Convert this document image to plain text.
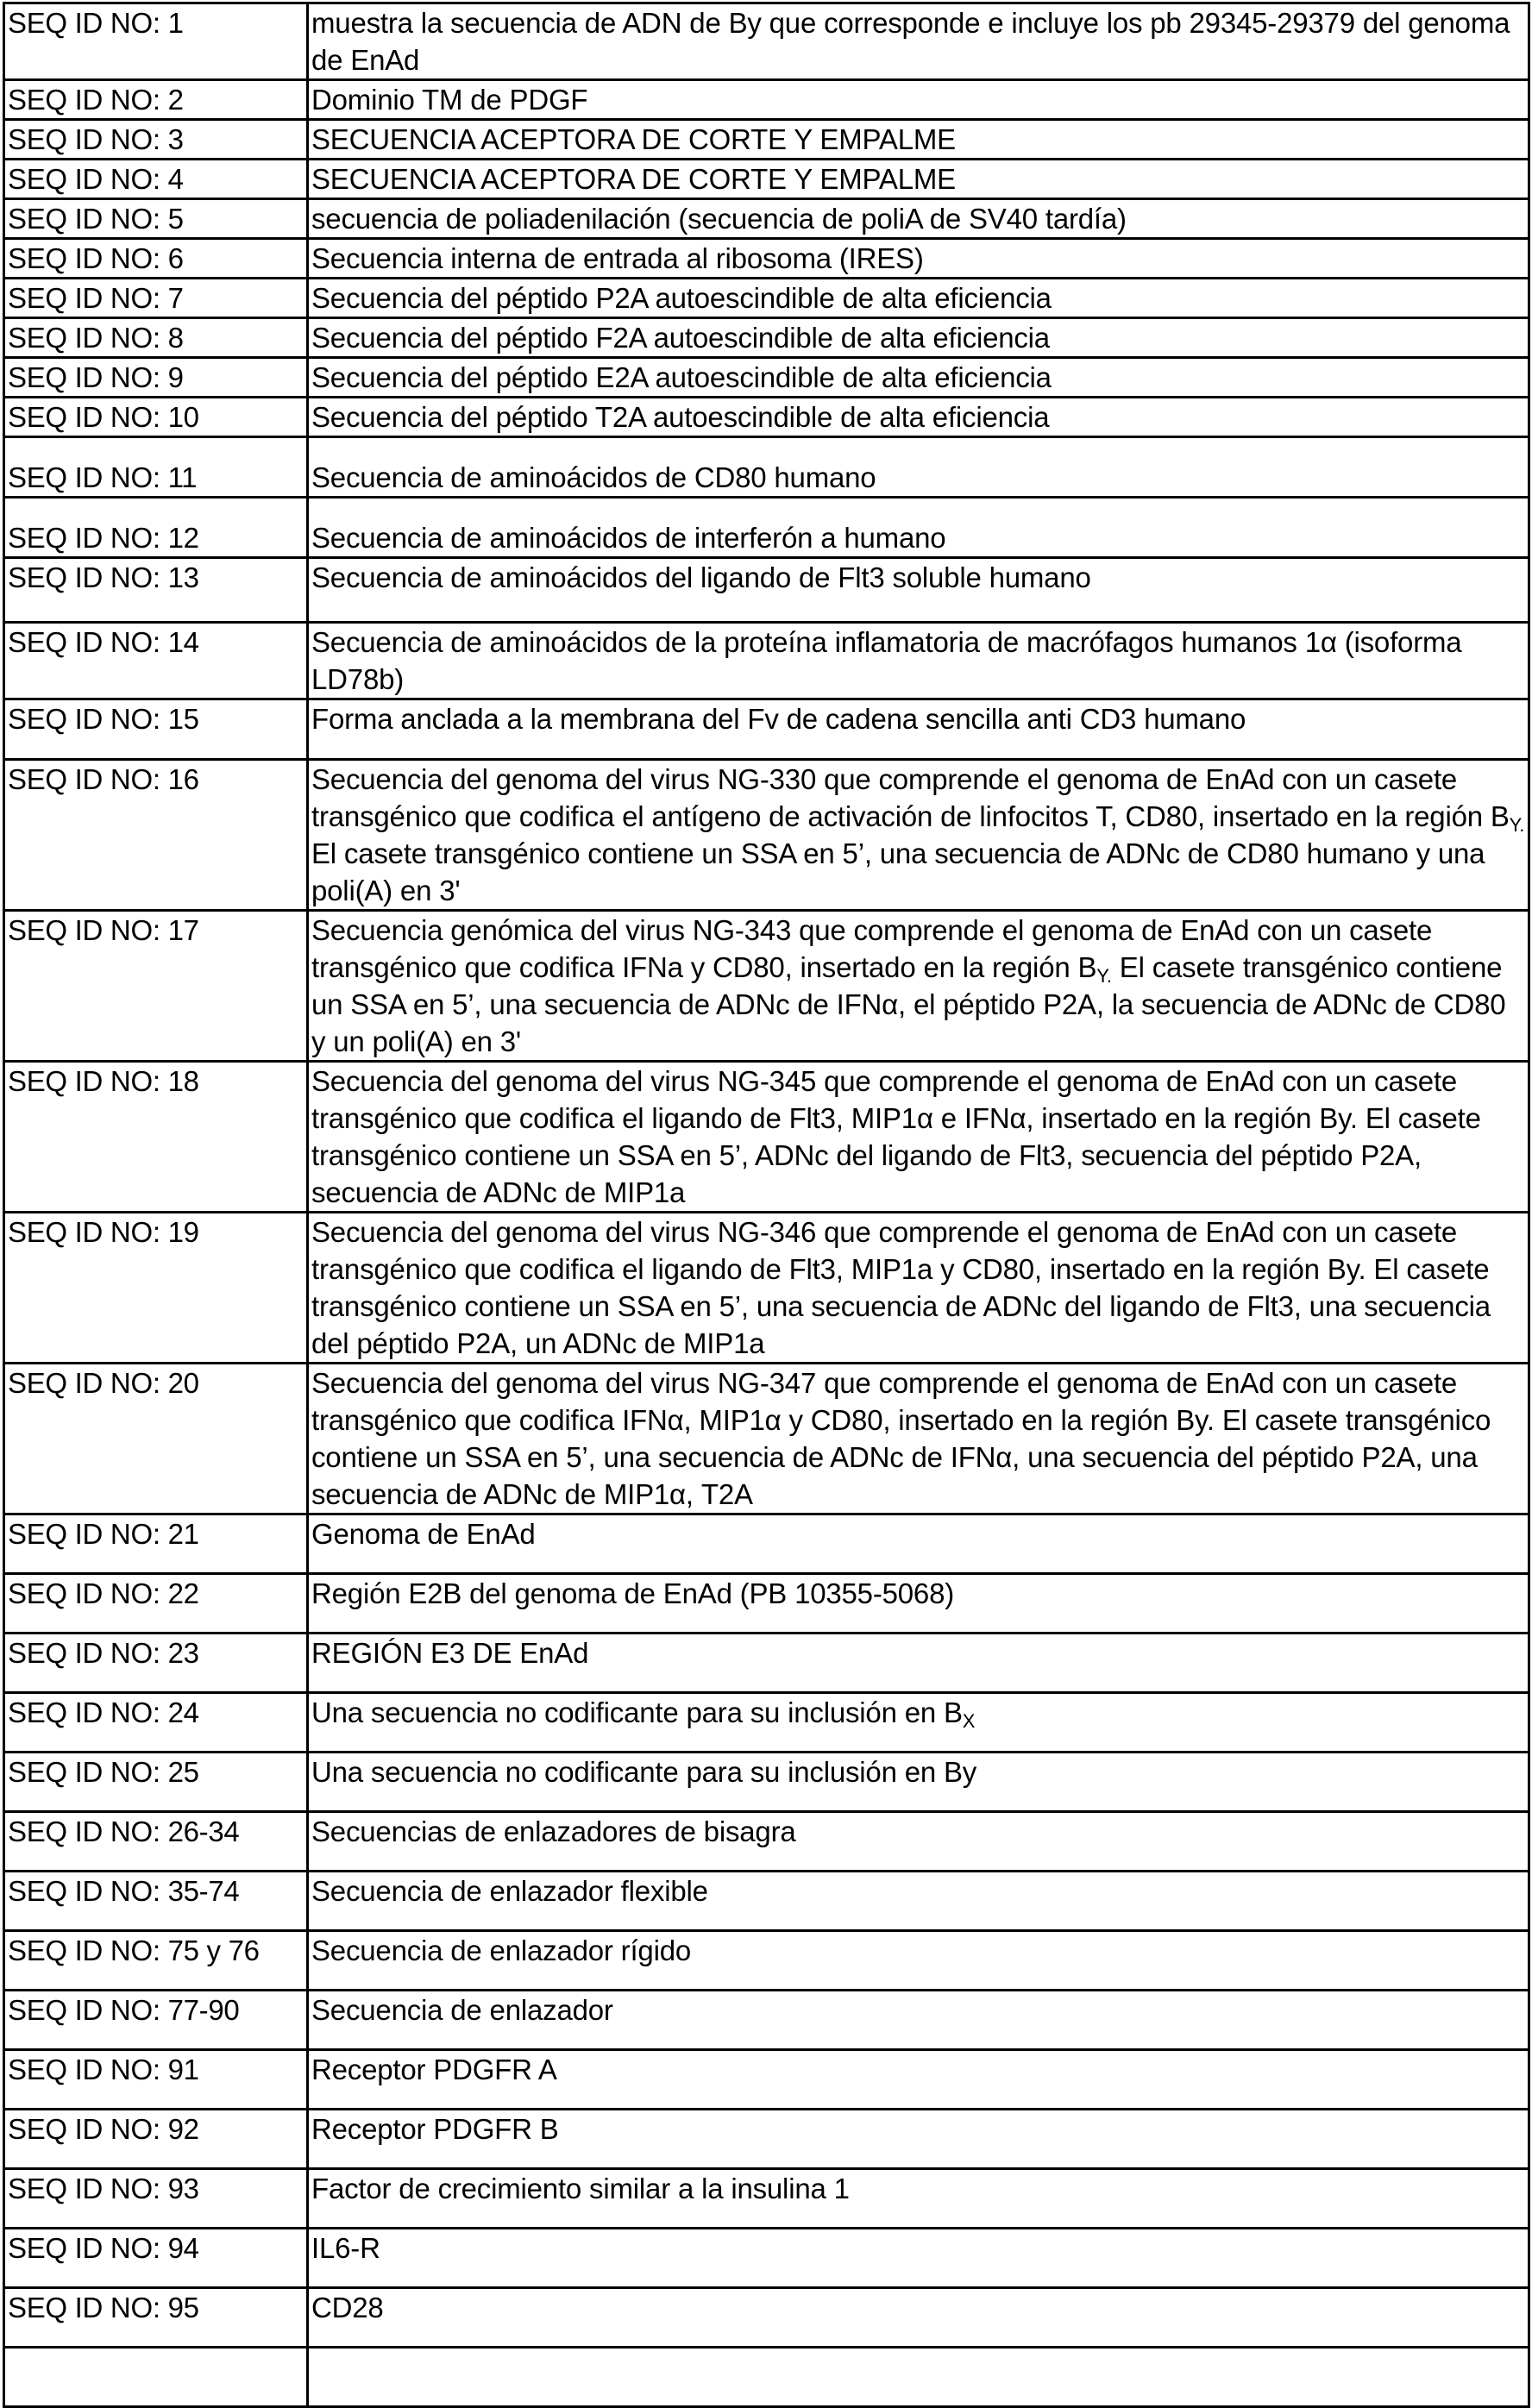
SEQ ID NO: 1	muestra la secuencia de ADN de By que corresponde e incluye los pb 29345-29379 del genoma de EnAd
SEQ ID NO: 2	Dominio TM de PDGF
SEQ ID NO: 3	SECUENCIA ACEPTORA DE CORTE Y EMPALME
SEQ ID NO: 4	SECUENCIA ACEPTORA DE CORTE Y EMPALME
SEQ ID NO: 5	secuencia de poliadenilación (secuencia de poliA de SV40 tardía)
SEQ ID NO: 6	Secuencia interna de entrada al ribosoma (IRES)
SEQ ID NO: 7	Secuencia del péptido P2A autoescindible de alta eficiencia
SEQ ID NO: 8	Secuencia del péptido F2A autoescindible de alta eficiencia
SEQ ID NO: 9	Secuencia del péptido E2A autoescindible de alta eficiencia
SEQ ID NO: 10	Secuencia del péptido T2A autoescindible de alta eficiencia
SEQ ID NO: 11	Secuencia de aminoácidos de CD80 humano
SEQ ID NO: 12	Secuencia de aminoácidos de interferón a humano
SEQ ID NO: 13	Secuencia de aminoácidos del ligando de Flt3 soluble humano
SEQ ID NO: 14	Secuencia de aminoácidos de la proteína inflamatoria de macrófagos humanos 1α (isoforma LD78b)
SEQ ID NO: 15	Forma anclada a la membrana del Fv de cadena sencilla anti CD3 humano
SEQ ID NO: 16	Secuencia del genoma del virus NG-330 que comprende el genoma de EnAd con un casete transgénico que codifica el antígeno de activación de linfocitos T, CD80, insertado en la región $B_{Y.}$ El casete transgénico contiene un SSA en 5’, una secuencia de ADNc de CD80 humano y una poli(A) en 3'
SEQ ID NO: 17	Secuencia genómica del virus NG-343 que comprende el genoma de EnAd con un casete transgénico que codifica IFNa y CD80, insertado en la región $B_{Y.}$ El casete transgénico contiene un SSA en 5’, una secuencia de ADNc de IFNα, el péptido P2A, la secuencia de ADNc de CD80 y un poli(A) en 3'
SEQ ID NO: 18	Secuencia del genoma del virus NG-345 que comprende el genoma de EnAd con un casete transgénico que codifica el ligando de Flt3, MIP1α e IFNα, insertado en la región By. El casete transgénico contiene un SSA en 5’, ADNc del ligando de Flt3, secuencia del péptido P2A, secuencia de ADNc de MIP1a
SEQ ID NO: 19	Secuencia del genoma del virus NG-346 que comprende el genoma de EnAd con un casete transgénico que codifica el ligando de Flt3, MIP1a y CD80, insertado en la región By. El casete transgénico contiene un SSA en 5’, una secuencia de ADNc del ligando de Flt3, una secuencia del péptido P2A, un ADNc de MIP1a
SEQ ID NO: 20	Secuencia del genoma del virus NG-347 que comprende el genoma de EnAd con un casete transgénico que codifica IFNα, MIP1α y CD80, insertado en la región By. El casete transgénico contiene un SSA en 5’, una secuencia de ADNc de IFNα, una secuencia del péptido P2A, una secuencia de ADNc de MIP1α, T2A
SEQ ID NO: 21	Genoma de EnAd
SEQ ID NO: 22	Región E2B del genoma de EnAd (PB 10355-5068)
SEQ ID NO: 23	REGIÓN E3 DE EnAd
SEQ ID NO: 24	Una secuencia no codificante para su inclusión en $B_X$
SEQ ID NO: 25	Una secuencia no codificante para su inclusión en By
SEQ ID NO: 26-34	Secuencias de enlazadores de bisagra
SEQ ID NO: 35-74	Secuencia de enlazador flexible
SEQ ID NO: 75 y 76	Secuencia de enlazador rígido
SEQ ID NO: 77-90	Secuencia de enlazador
SEQ ID NO: 91	Receptor PDGFR A
SEQ ID NO: 92	Receptor PDGFR B
SEQ ID NO: 93	Factor de crecimiento similar a la insulina 1
SEQ ID NO: 94	IL6-R
SEQ ID NO: 95	CD28
